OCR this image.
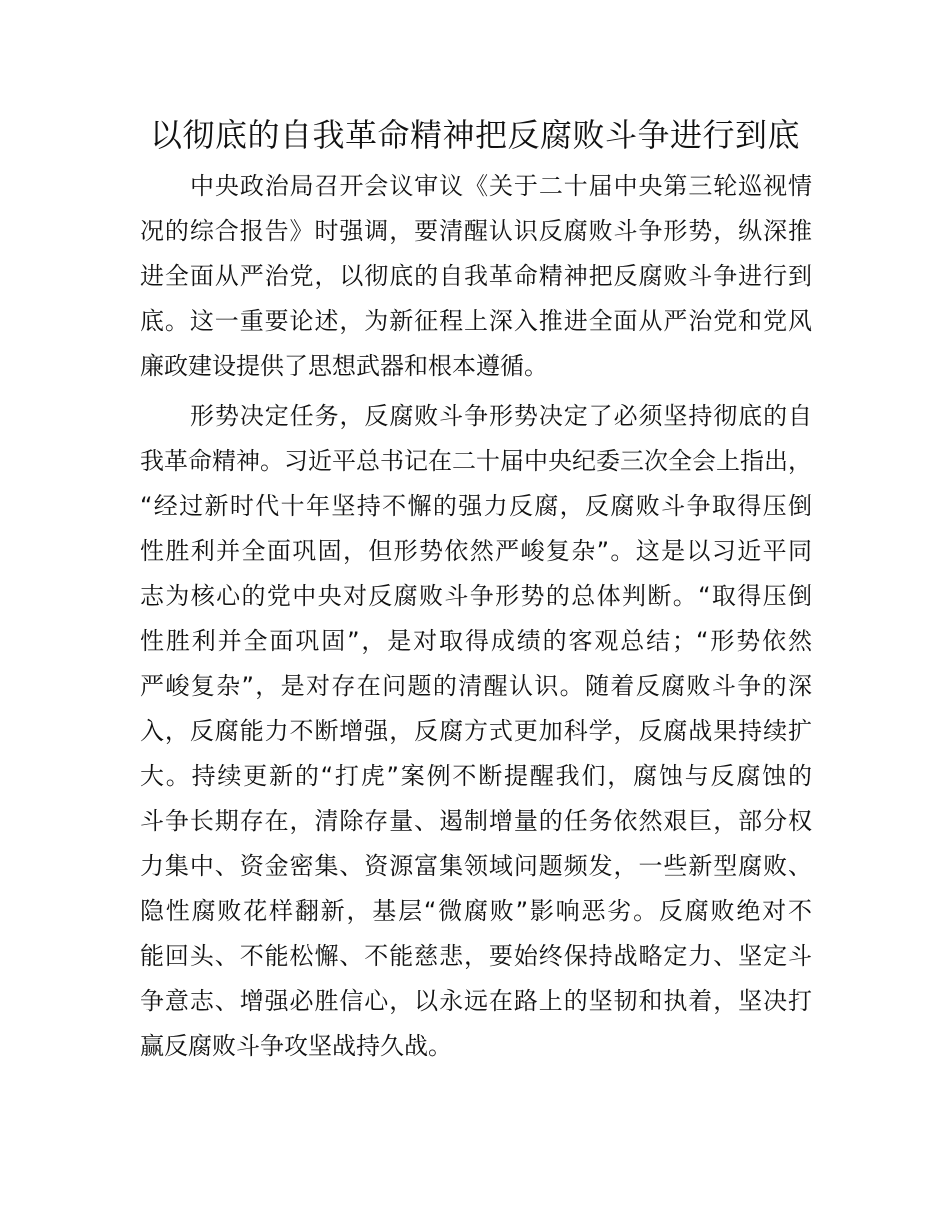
以彻底的自我革命精神把反腐败斗争进行到底
中央政治局召开会议审议《关于二十届中央第三轮巡视情
况的综合报告》时强调，要清醒认识反腐败斗争形势，纵深推
进全面从严治党，以彻底的自我革命精神把反腐败斗争进行到
底。这一重要论述，为新征程上深入推进全面从严治党和党风
廉政建设提供了思想武器和根本遵循。
形势决定任务，反腐败斗争形势决定了必须坚持彻底的自
我革命精神。习近平总书记在二十届中央纪委三次全会上指出，
“经过新时代十年坚持不懈的强力反腐，反腐败斗争取得压倒
性胜利并全面巩固，但形势依然严峻复杂”。这是以习近平同
志为核心的党中央对反腐败斗争形势的总体判断。“取得压倒
性胜利并全面巩固”，是对取得成绩的客观总结；“形势依然
严峻复杂”，是对存在问题的清醒认识。随着反腐败斗争的深
入，反腐能力不断增强，反腐方式更加科学，反腐战果持续扩
大。持续更新的“打虎”案例不断提醒我们，腐蚀与反腐蚀的
斗争长期存在，清除存量、遏制增量的任务依然艰巨，部分权
力集中、资金密集、资源富集领域问题频发，一些新型腐败、
隐性腐败花样翻新，基层“微腐败”影响恶劣。反腐败绝对不
能回头、不能松懈、不能慈悲，要始终保持战略定力、坚定斗
争意志、增强必胜信心，以永远在路上的坚韧和执着，坚决打
赢反腐败斗争攻坚战持久战。
